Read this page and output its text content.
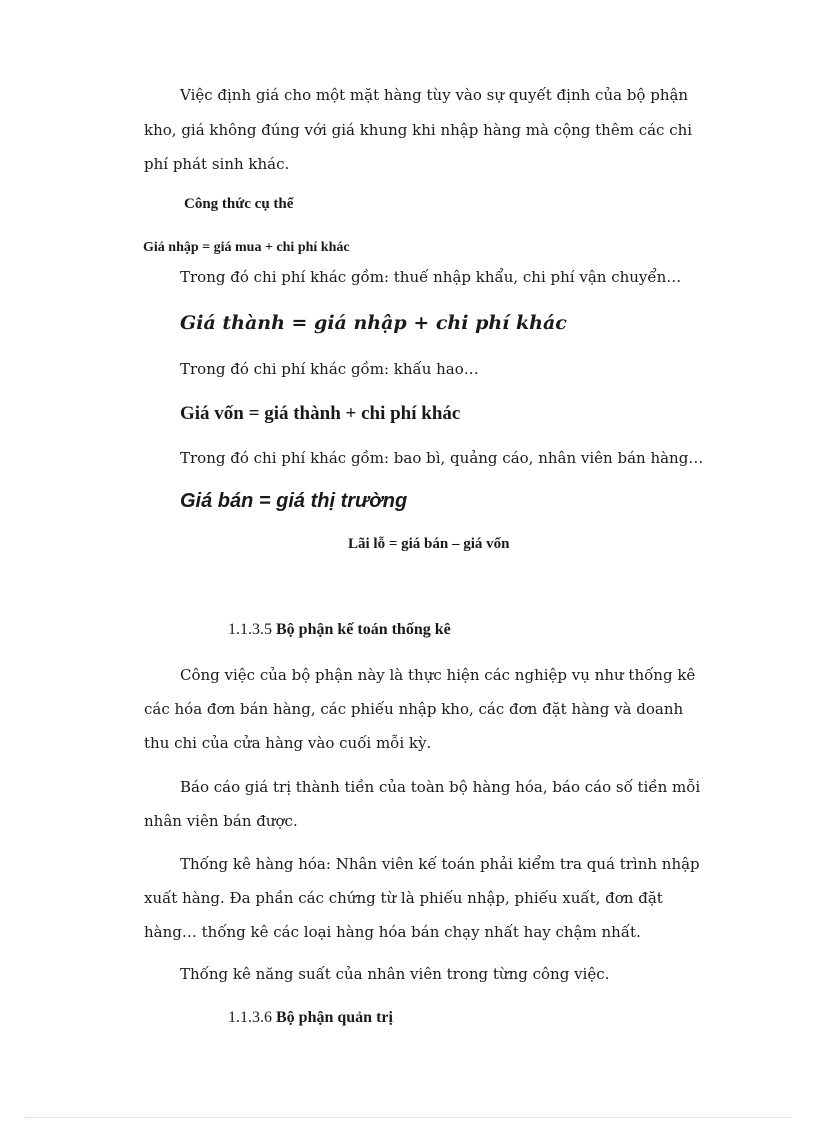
Việc định giá cho một mặt hàng tùy vào sự quyết định của bộ phận kho, giá không đúng với giá khung khi nhập hàng mà cộng thêm các chi phí phát sinh khác.
Công thức cụ thể
Giá nhập = giá mua + chi phí khác
Trong đó chi phí khác gồm: thuế nhập khẩu, chi phí vận chuyển…
Giá thành = giá nhập + chi phí khác
Trong đó chi phí khác gồm: khấu hao…
Giá vốn = giá thành + chi phí khác
Trong đó chi phí khác gồm: bao bì, quảng cáo, nhân viên bán hàng…
Giá bán = giá thị trường
Lãi lỗ = giá bán – giá vốn
1.1.3.5 Bộ phận kế toán thống kê
Công việc của bộ phận này là thực hiện các nghiệp vụ như thống kê các hóa đơn bán hàng, các phiếu nhập kho, các đơn đặt hàng và doanh thu chi của cửa hàng vào cuối mỗi kỳ.
Báo cáo giá trị thành tiền của toàn bộ hàng hóa, báo cáo số tiền mỗi nhân viên bán được.
Thống kê hàng hóa: Nhân viên kế toán phải kiểm tra quá trình nhập xuất hàng. Đa phần các chứng từ là phiếu nhập, phiếu xuất, đơn đặt hàng… thống kê các loại hàng hóa bán chạy nhất hay chậm nhất.
Thống kê năng suất của nhân viên trong từng công việc.
1.1.3.6 Bộ phận quản trị
